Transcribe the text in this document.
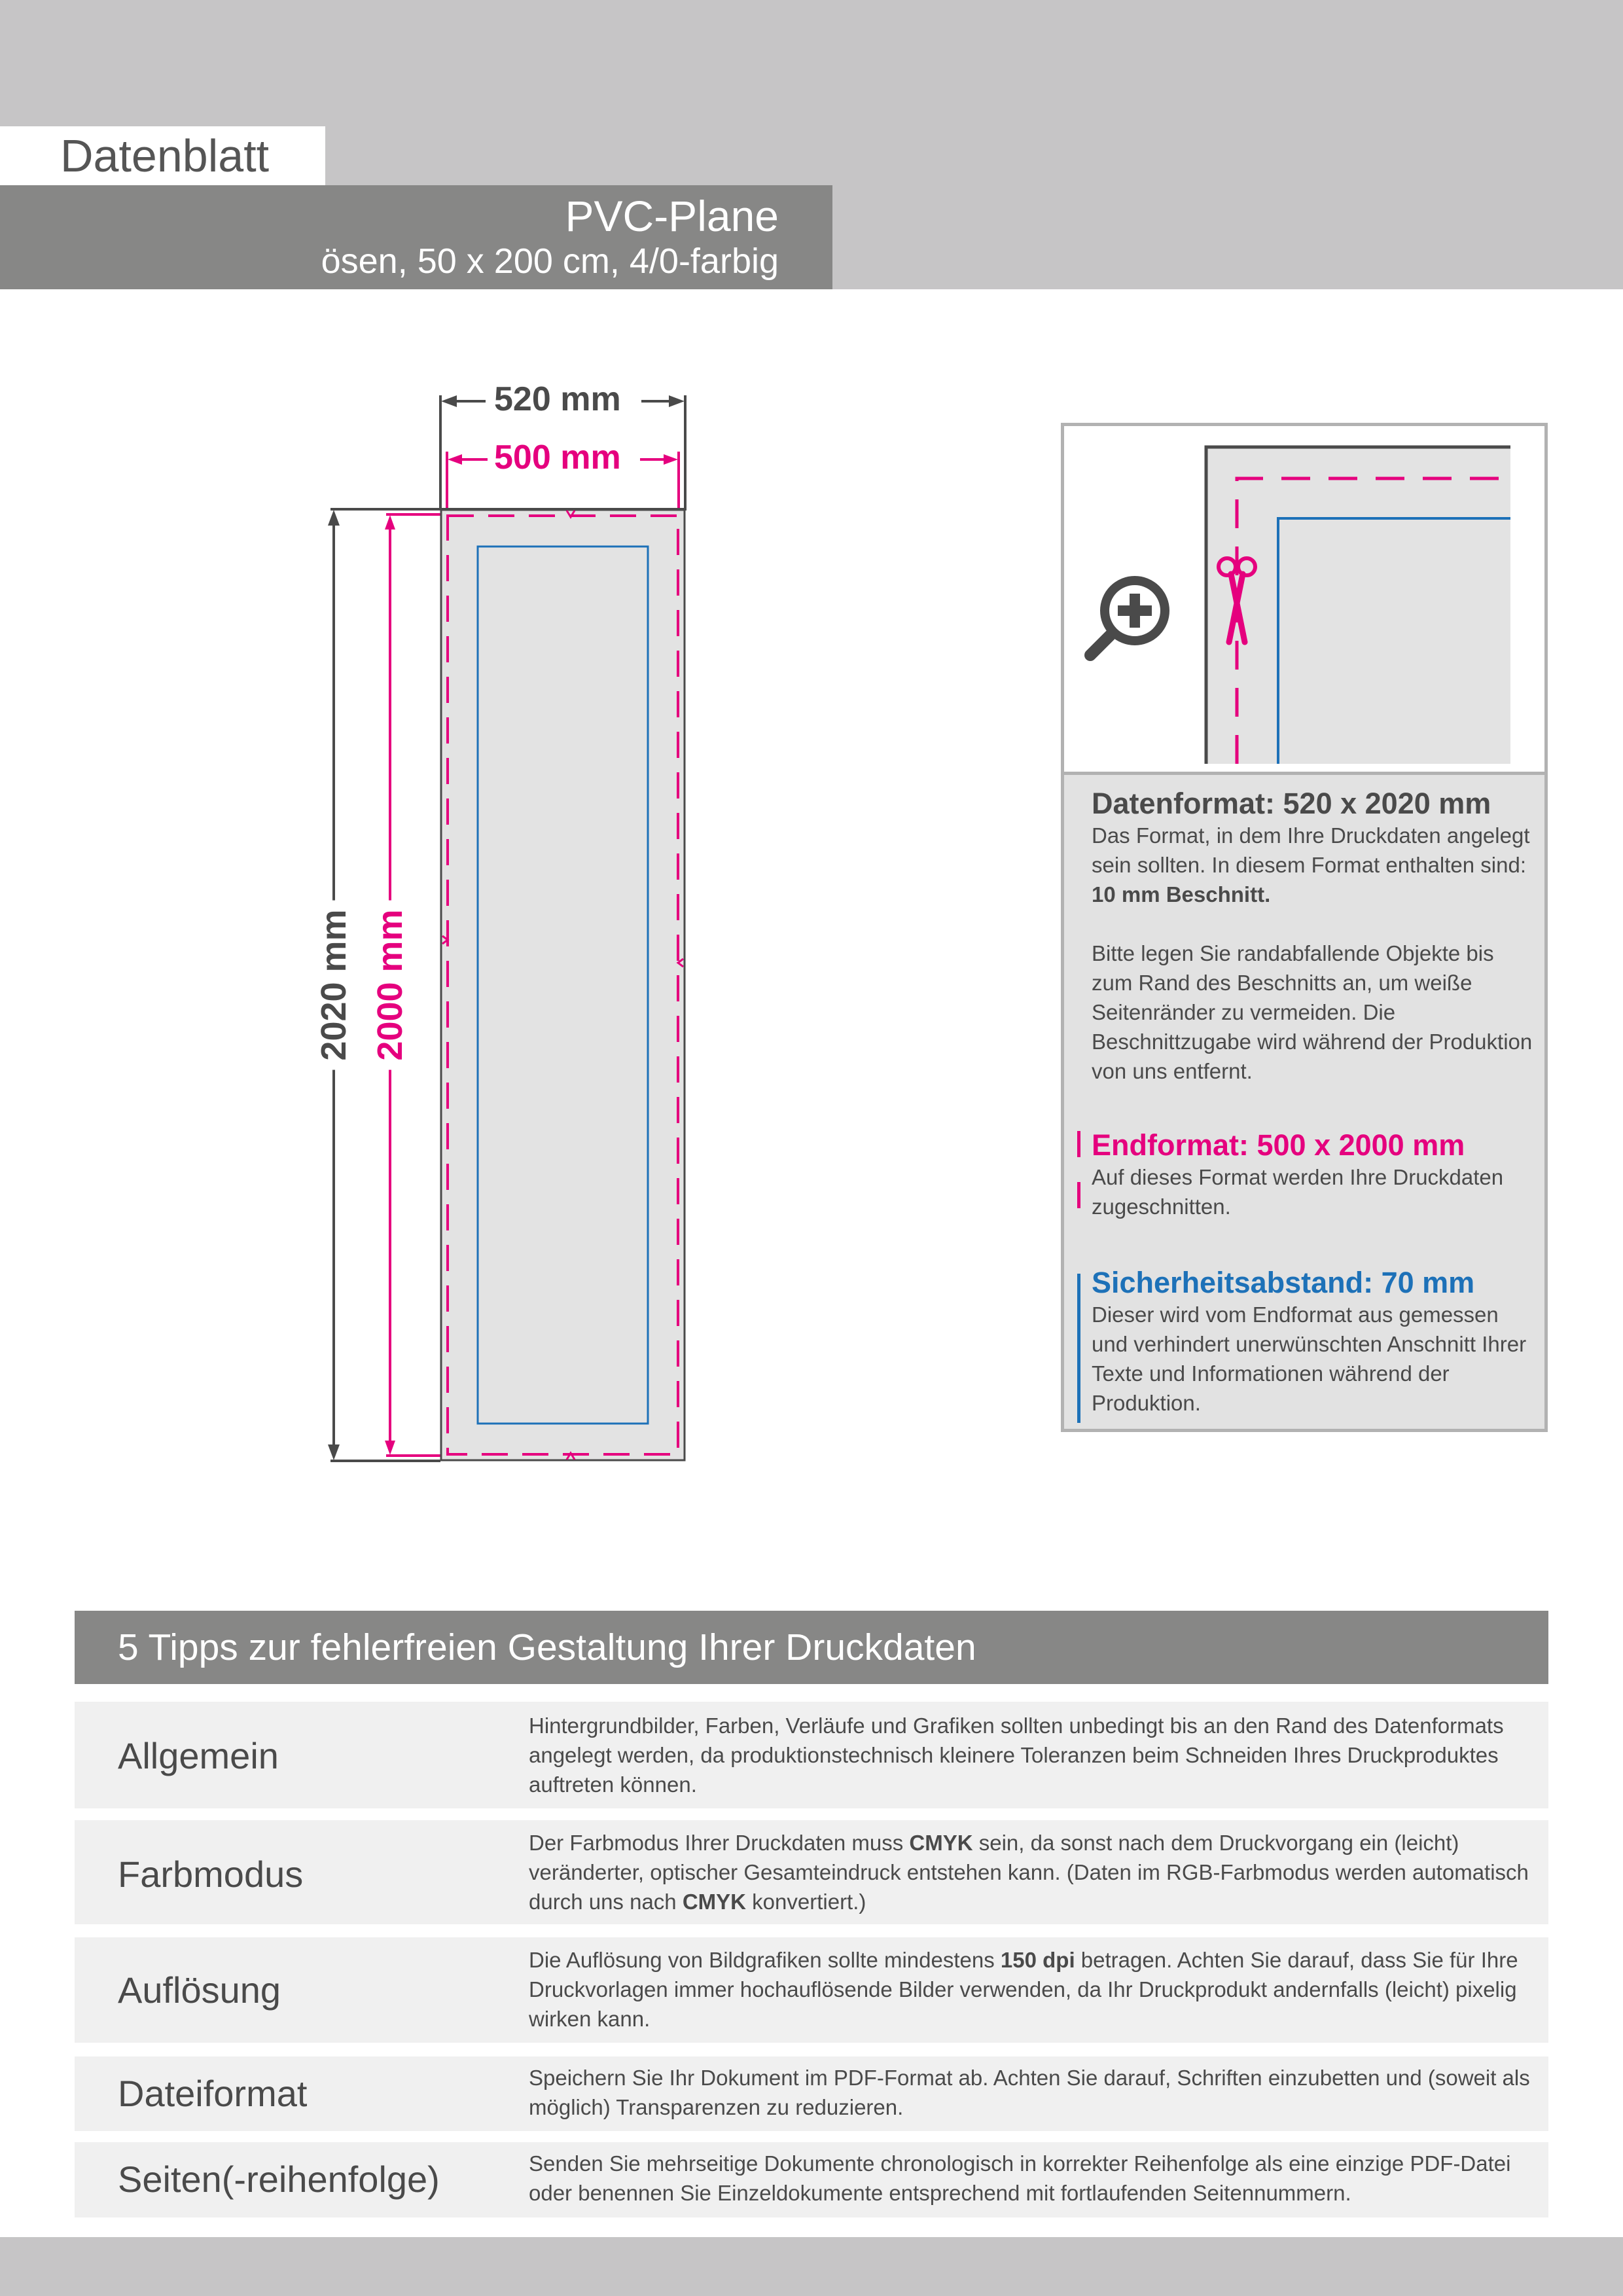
Datenblatt
PVC-Plane
ösen, 50 x 200 cm, 4/0-farbig
520 mm
500 mm
2020 mm 2000 mm
Datenformat: 520 x 2020 mm

Das Format, in dem Ihre Druckdaten angelegt sein sollten. In diesem Format enthalten sind: 10 mm Beschnitt.

Bitte legen Sie randabfallende Objekte bis zum Rand des Beschnitts an, um weiße Seitenränder zu vermeiden. Die Beschnittzugabe wird während der Produktion von uns entfernt.

Endformat: 500 x 2000 mm

Auf dieses Format werden Ihre Druckdaten zugeschnitten.

Sicherheitsabstand: 70 mm

Dieser wird vom Endformat aus gemessen und verhindert unerwünschten Anschnitt Ihrer Texte und Informationen während der Produktion.

5 Tipps zur fehlerfreien Gestaltung Ihrer Druckdaten
Allgemein
Hintergrundbilder, Farben, Verläufe und Grafiken sollten unbedingt bis an den Rand des Datenformats angelegt werden, da produktionstechnisch kleinere Toleranzen beim Schneiden Ihres Druckproduktes auftreten können.
Farbmodus
Der Farbmodus Ihrer Druckdaten muss CMYK sein, da sonst nach dem Druckvorgang ein (leicht) veränderter, optischer Gesamteindruck entstehen kann. (Daten im RGB-Farbmodus werden automatisch durch uns nach CMYK konvertiert.)
Auflösung
Die Auflösung von Bildgrafiken sollte mindestens 150 dpi betragen. Achten Sie darauf, dass Sie für Ihre Druckvorlagen immer hochauflösende Bilder verwenden, da Ihr Druckprodukt andernfalls (leicht) pixelig wirken kann.
Dateiformat	Speichern Sie Ihr Dokument im PDF-Format ab. Achten Sie darauf, Schriften einzubetten und (soweit als möglich) Transparenzen zu reduzieren.
Seiten(-reihenfolge)	Senden Sie mehrseitige Dokumente chronologisch in korrekter Reihenfolge als eine einzige PDF-Datei oder benennen Sie Einzeldokumente entsprechend mit fortlaufenden Seitennummern.
